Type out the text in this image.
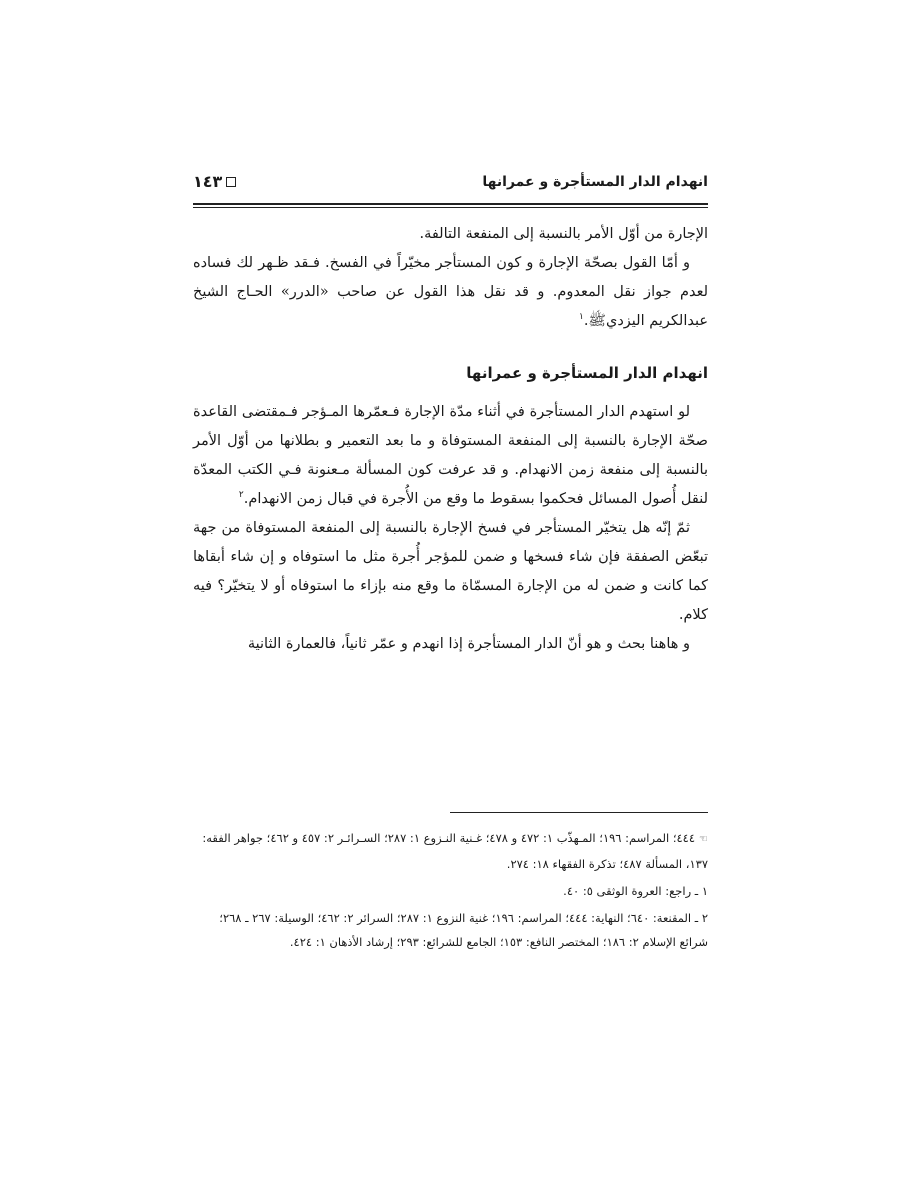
انهدام الدار المستأجرة و عمرانها
١٤٣

الإجارة من أوّل الأمر بالنسبة إلى المنفعة التالفة.

و أمّا القول بصحّة الإجارة و كون المستأجر مخيّراً في الفسخ. فـقد ظـهر لك فساده لعدم جواز نقل المعدوم. و قد نقل هذا القول عن صاحب «الدرر» الحـاج الشيخ عبدالكريم اليزديﷺ.$^١$

انهدام الدار المستأجرة و عمرانها

لو استهدم الدار المستأجرة في أثناء مدّة الإجارة فـعمّرها المـؤجر فـمقتضى القاعدة صحّة الإجارة بالنسبة إلى المنفعة المستوفاة و ما بعد التعمير و بطلانها من أوّل الأمر بالنسبة إلى منفعة زمن الانهدام. و قد عرفت كون المسألة مـعنونة فـي الكتب المعدّة لنقل أُصول المسائل فحكموا بسقوط ما وقع من الأُجرة في قبال زمن الانهدام.$^٢$

ثمّ إنّه هل يتخيّر المستأجر في فسخ الإجارة بالنسبة إلى المنفعة المستوفاة من جهة تبعّض الصفقة فإن شاء فسخها و ضمن للمؤجر أُجرة مثل ما استوفاه و إن شاء أبقاها كما كانت و ضمن له من الإجارة المسمّاة ما وقع منه بإزاء ما استوفاه أو لا يتخيّر؟ فيه كلام.

و هاهنا بحث و هو أنّ الدار المستأجرة إذا انهدم و عمّر ثانياً، فالعمارة الثانية

☜٤٤٤؛ المراسم: ١٩٦؛ المـهذّب ١: ٤٧٢ و ٤٧٨؛ غـنية النـزوع ١: ٢٨٧؛ السـرائـر ٢: ٤٥٧ و ٤٦٢؛ جواهر الفقه: ١٣٧، المسألة ٤٨٧؛ تذكرة الفقهاء ١٨: ٢٧٤.

١ ـ راجع: العروة الوثقى ٥: ٤٠.

٢ ـ المقنعة: ٦٤٠؛ النهاية: ٤٤٤؛ المراسم: ١٩٦؛ غنية النزوع ١: ٢٨٧؛ السرائر ٢: ٤٦٢؛ الوسيلة: ٢٦٧ ـ ٢٦٨؛ شرائع الإسلام ٢: ١٨٦؛ المختصر النافع: ١٥٣؛ الجامع للشرائع: ٢٩٣؛ إرشاد الأذهان ١: ٤٢٤.
